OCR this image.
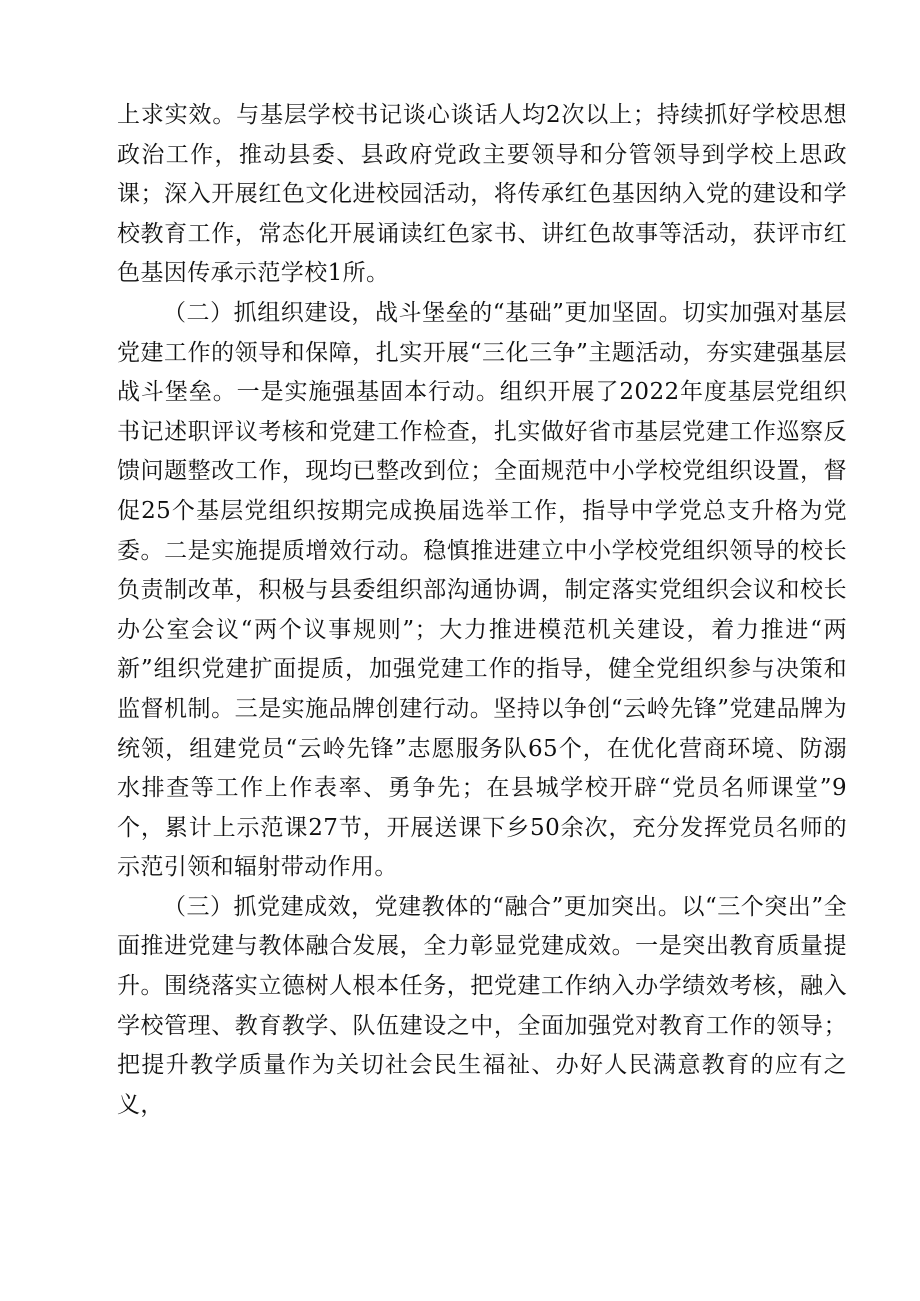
上求实效。与基层学校书记谈心谈话人均2次以上；持续抓好学校思想政治工作，推动县委、县政府党政主要领导和分管领导到学校上思政课；深入开展红色文化进校园活动，将传承红色基因纳入党的建设和学校教育工作，常态化开展诵读红色家书、讲红色故事等活动，获评市红色基因传承示范学校1所。

（二）抓组织建设，战斗堡垒的“基础”更加坚固。切实加强对基层党建工作的领导和保障，扎实开展“三化三争”主题活动，夯实建强基层战斗堡垒。一是实施强基固本行动。组织开展了2022年度基层党组织书记述职评议考核和党建工作检查，扎实做好省市基层党建工作巡察反馈问题整改工作，现均已整改到位；全面规范中小学校党组织设置，督促25个基层党组织按期完成换届选举工作，指导中学党总支升格为党委。二是实施提质增效行动。稳慎推进建立中小学校党组织领导的校长负责制改革，积极与县委组织部沟通协调，制定落实党组织会议和校长办公室会议“两个议事规则”；大力推进模范机关建设，着力推进“两新”组织党建扩面提质，加强党建工作的指导，健全党组织参与决策和监督机制。三是实施品牌创建行动。坚持以争创“云岭先锋”党建品牌为统领，组建党员“云岭先锋”志愿服务队65个，在优化营商环境、防溺水排查等工作上作表率、勇争先；在县城学校开辟“党员名师课堂”9个，累计上示范课27节，开展送课下乡50余次，充分发挥党员名师的示范引领和辐射带动作用。

（三）抓党建成效，党建教体的“融合”更加突出。以“三个突出”全面推进党建与教体融合发展，全力彰显党建成效。一是突出教育质量提升。围绕落实立德树人根本任务，把党建工作纳入办学绩效考核，融入学校管理、教育教学、队伍建设之中，全面加强党对教育工作的领导；把提升教学质量作为关切社会民生福祉、办好人民满意教育的应有之义，
